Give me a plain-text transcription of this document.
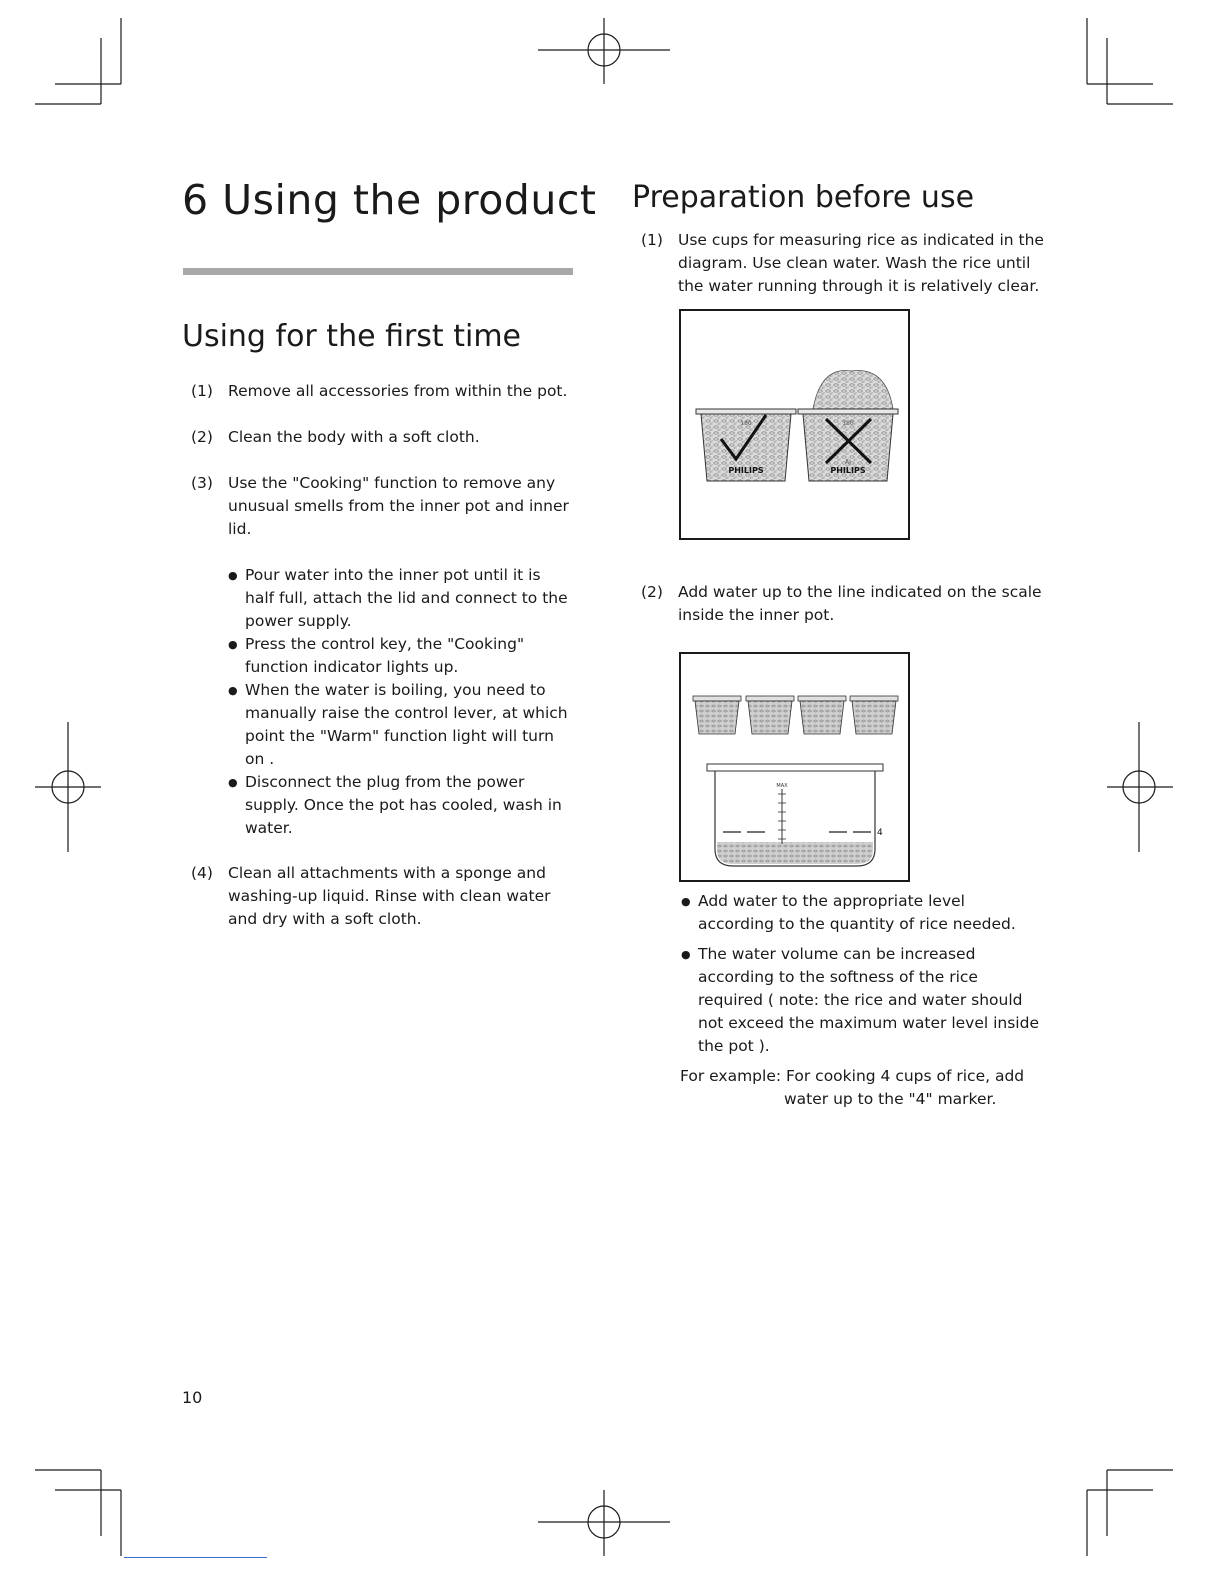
6 Using the product
Using for the first time
(1) Remove all accessories from within the pot.
(2) Clean the body with a soft cloth.
(3) Use the "Cooking" function to remove any
unusual smells from the inner pot and inner
lid.
● Pour water into the inner pot until it is
half full, attach the lid and connect to the
power supply.
● Press the control key, the "Cooking"
function indicator lights up.
● When the water is boiling, you need to
manually raise the control lever, at which
point the "Warm" function light will turn
on .
● Disconnect the plug from the power
supply. Once the pot has cooled, wash in
water.
(4) Clean all attachments with a sponge and
washing-up liquid. Rinse with clean water
and dry with a soft cloth.
Preparation before use
(1) Use cups for measuring rice as indicated in the
diagram. Use clean water. Wash the rice until
the water running through it is relatively clear.
PHILIPS
180
PHILIPS
180
AJ
(2) Add water up to the line indicated on the scale
inside the inner pot.
MAX
4
● Add water to the appropriate level
according to the quantity of rice needed.
● The water volume can be increased
according to the softness of the rice
required ( note: the rice and water should
not exceed the maximum water level inside
the pot ).
For example: For cooking 4 cups of rice, add
water up to the "4" marker.
10
